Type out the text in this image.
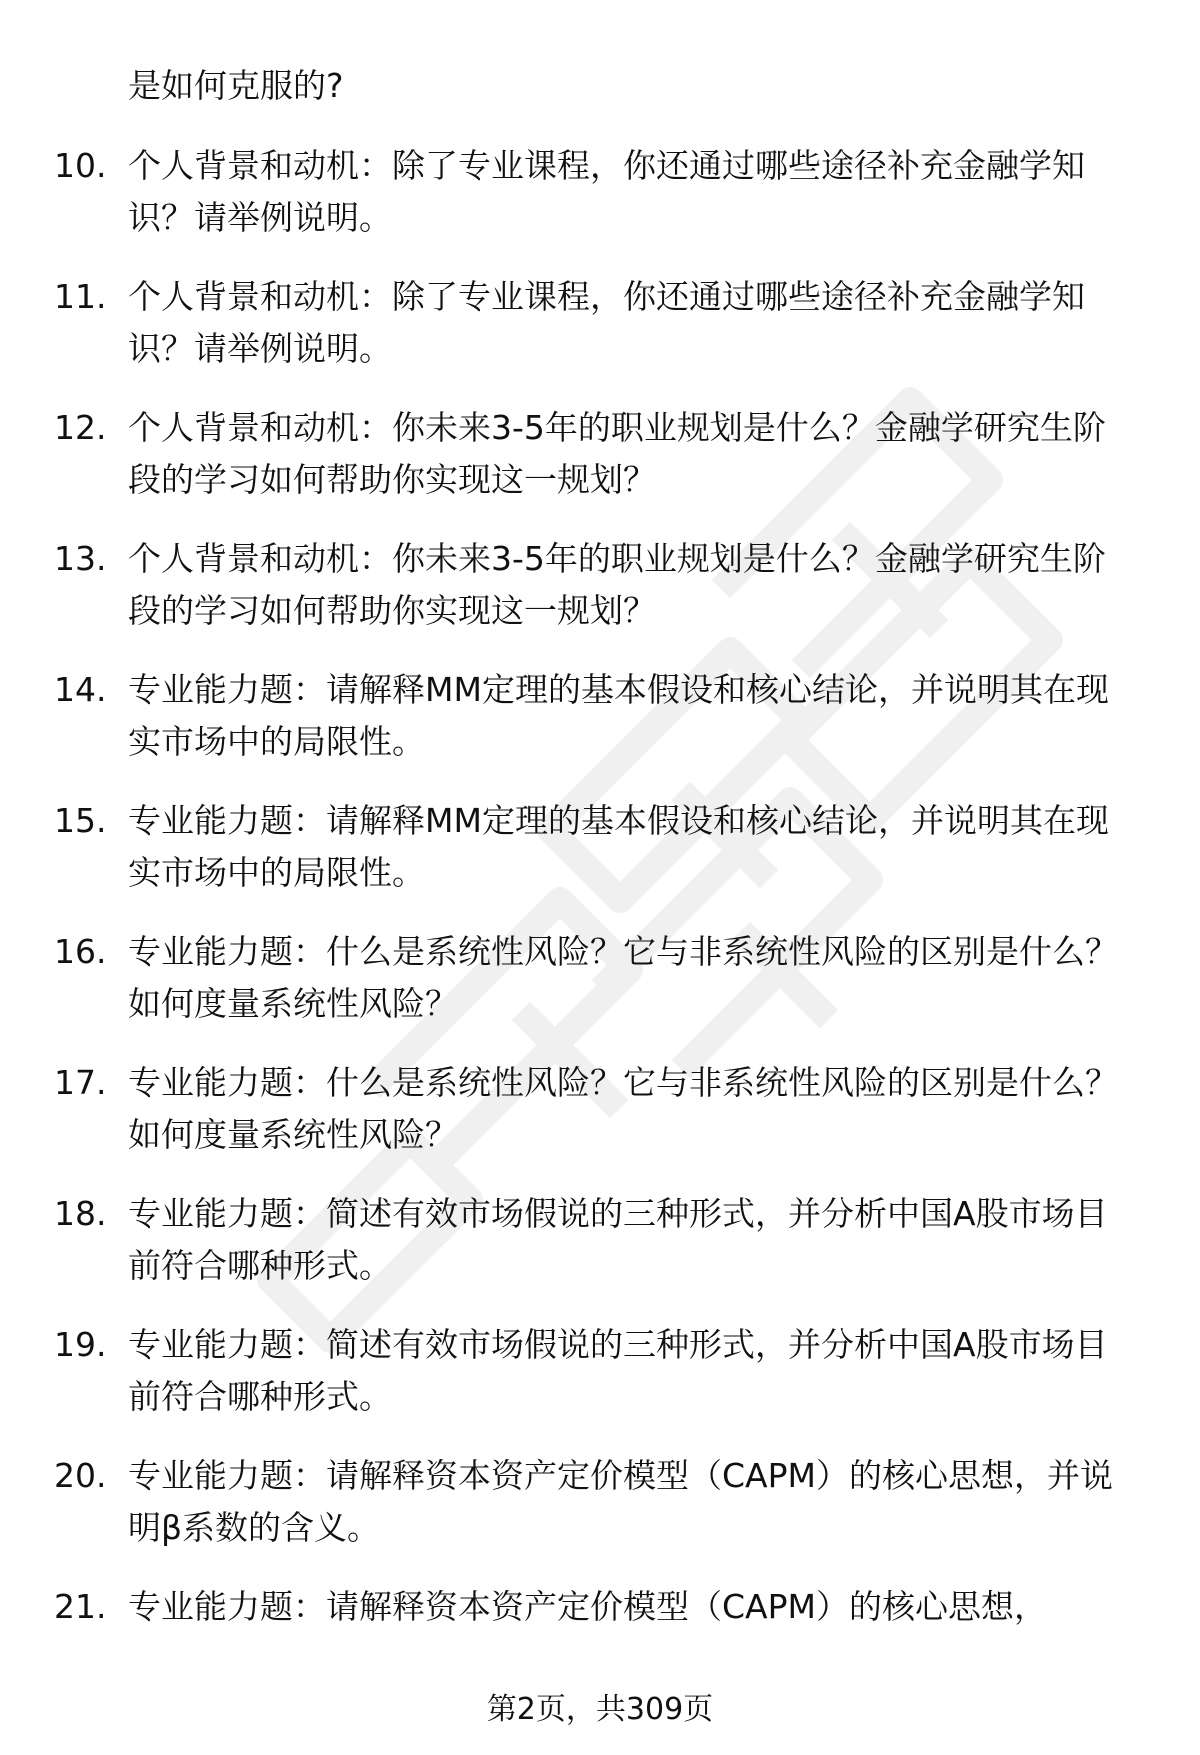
是如何克服的?
10. 个人背景和动机：除了专业课程，你还通过哪些途径补充金融学知识？请举例说明。
11. 个人背景和动机：除了专业课程，你还通过哪些途径补充金融学知识？请举例说明。
12. 个人背景和动机：你未来3-5年的职业规划是什么？金融学研究生阶段的学习如何帮助你实现这一规划？
13. 个人背景和动机：你未来3-5年的职业规划是什么？金融学研究生阶段的学习如何帮助你实现这一规划？
14. 专业能力题：请解释MM定理的基本假设和核心结论，并说明其在现实市场中的局限性。
15. 专业能力题：请解释MM定理的基本假设和核心结论，并说明其在现实市场中的局限性。
16. 专业能力题：什么是系统性风险？它与非系统性风险的区别是什么？如何度量系统性风险？
17. 专业能力题：什么是系统性风险？它与非系统性风险的区别是什么？如何度量系统性风险？
18. 专业能力题：简述有效市场假说的三种形式，并分析中国A股市场目前符合哪种形式。
19. 专业能力题：简述有效市场假说的三种形式，并分析中国A股市场目前符合哪种形式。
20. 专业能力题：请解释资本资产定价模型（CAPM）的核心思想，并说明β系数的含义。
21. 专业能力题：请解释资本资产定价模型（CAPM）的核心思想，
第2页，共309页
